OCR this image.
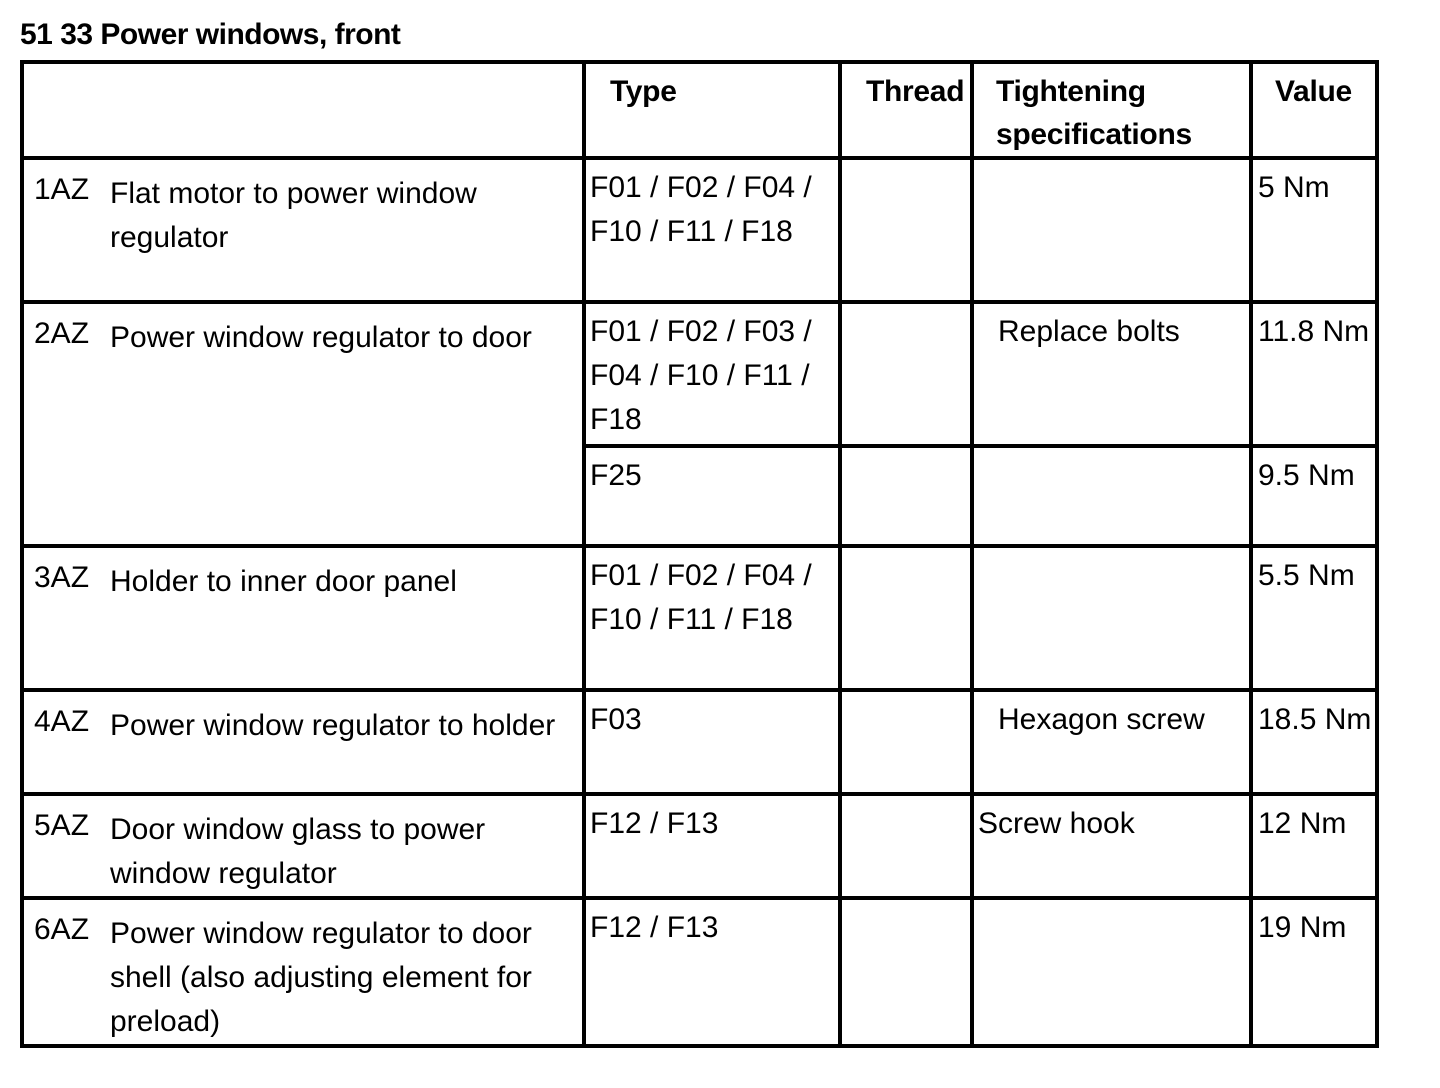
51 33 Power windows, front
		Type	Thread	Tightening specifications	Value
1AZ	Flat motor to power window regulator	F01 / F02 / F04 / F10 / F11 / F18			5 Nm
2AZ	Power window regulator to door	F01 / F02 / F03 / F04 / F10 / F11 / F18		Replace bolts	11.8 Nm
		F25			9.5 Nm
3AZ	Holder to inner door panel	F01 / F02 / F04 / F10 / F11 / F18			5.5 Nm
4AZ	Power window regulator to holder	F03		Hexagon screw	18.5 Nm
5AZ	Door window glass to power window regulator	F12 / F13		Screw hook	12 Nm
6AZ	Power window regulator to door shell (also adjusting element for preload)	F12 / F13			19 Nm
